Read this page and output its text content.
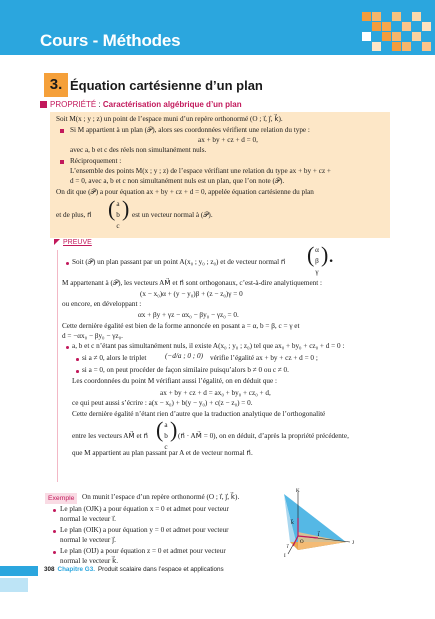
Cours - Méthodes
3. Équation cartésienne d’un plan
PROPRIÉTÉ : Caractérisation algébrique d’un plan
Soit M(x ; y ; z) un point de l’espace muni d’un repère orthonormé (O ; i⃗, j⃗, k⃗).
Si M appartient à un plan (𝒫), alors ses coordonnées vérifient une relation du type :
ax + by + cz + d = 0,
avec a, b et c des réels non simultanément nuls.
Réciproquement :
L’ensemble des points M(x ; y ; z) de l’espace vérifiant une relation du type ax + by + cz +
d = 0, avec a, b et c non simultanément nuls est un plan, que l’on note (𝒫).
On dit que (𝒫) a pour équation ax + by + cz + d = 0, appelée équation cartésienne du plan
et de plus, n⃗ ( a
b
c
) est un vecteur normal à (𝒫).
PREUVE
Soit (𝒫) un plan passant par un point A(x₀ ; y₀ ; z₀) et de vecteur normal n⃗ ( α
β
γ
).
M appartenant à (𝒫), les vecteurs AM⃗ et n⃗ sont orthogonaux, c’est-à-dire analytiquement :
(x − x₀)α + (y − y₀)β + (z − z₀)γ = 0
ou encore, en développant :
αx + βy + γz − αx₀ − βy₀ − γz₀ = 0.
Cette dernière égalité est bien de la forme annoncée en posant a = α, b = β, c = γ et
d = −αx₀ − βy₀ − γz₀.
a, b et c n’étant pas simultanément nuls, il existe A(x₀ ; y₀ ; z₀) tel que ax₀ + by₀ + cz₀ + d = 0 :
si a ≠ 0, alors le triplet	(−d/a ; 0 ; 0) vérifie l’égalité ax + by + cz + d = 0 ;
si a = 0, on peut procéder de façon similaire puisqu’alors b ≠ 0 ou c ≠ 0.
Les coordonnées du point M vérifiant aussi l’égalité, on en déduit que :
ax + by + cz + d = ax₀ + by₀ + cz₀ + d,
ce qui peut aussi s’écrire : a(x − x₀) + b(y − y₀) + c(z − z₀) = 0.
Cette dernière égalité n’étant rien d’autre que la traduction analytique de l’orthogonalité
entre les vecteurs AM⃗ et n⃗ ( a
b
c
) (n⃗ · AM⃗ = 0), on en déduit, d’après la propriété précédente,
que M appartient au plan passant par A et de vecteur normal n⃗.
Exemple	On munit l’espace d’un repère orthonormé (O ; i⃗, j⃗, k⃗).
Le plan (OJK) a pour équation x = 0 et admet pour vecteur
normal le vecteur i⃗.
Le plan (OIK) a pour équation y = 0 et admet pour vecteur
normal le vecteur j⃗.
Le plan (OIJ) a pour équation z = 0 et admet pour vecteur
normal le vecteur k⃗.
K
k⃗
j⃗
O	J
I
i⃗
308 Chapitre G3. Produit scalaire dans l’espace et applications
